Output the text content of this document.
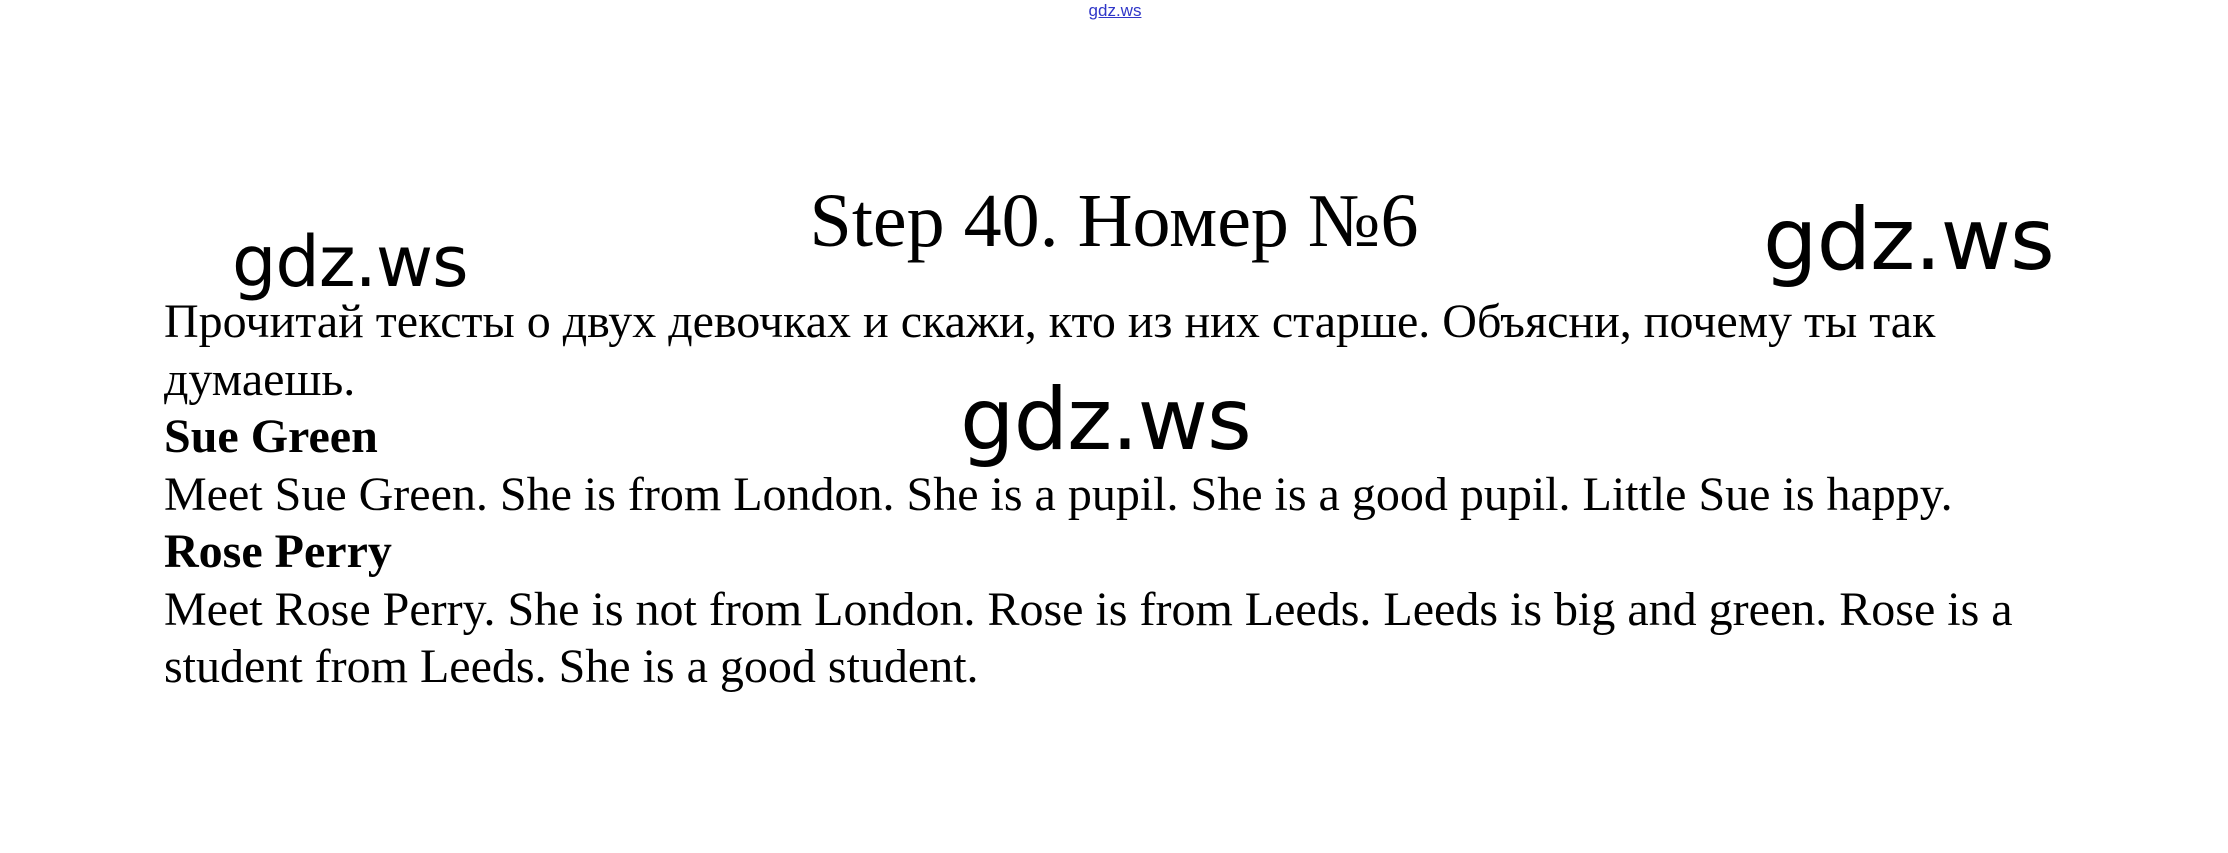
gdz.ws
Step 40. Номер №6
gdz.ws	gdz.ws

Прочитай тексты о двух девочках и скажи, кто из них старше. Объясни, почему ты так думаешь.

Sue Green

Meet Sue Green. She is from London. She is a pupil. She is a good pupil. Little Sue is happy.

Rose Perry

Meet Rose Perry. She is not from London. Rose is from Leeds. Leeds is big and green. Rose is a student from Leeds. She is a good student.

gdz.ws
